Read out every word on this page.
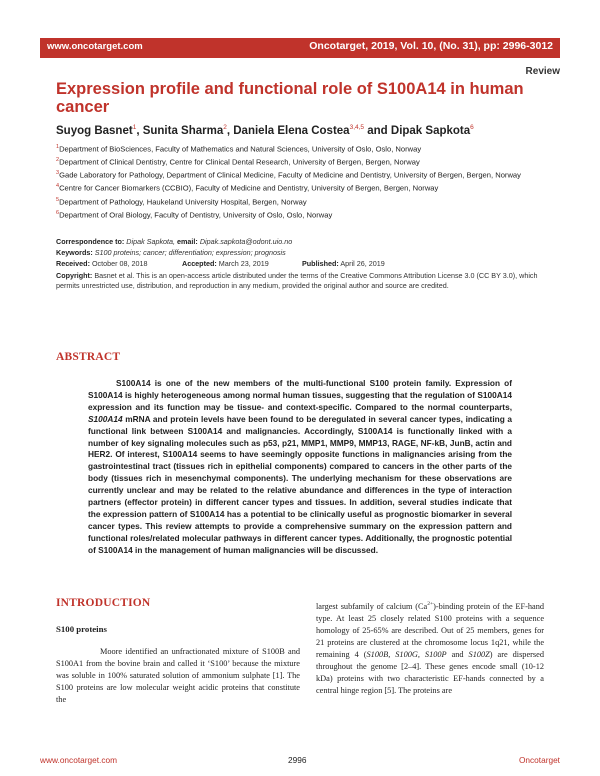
www.oncotarget.com	Oncotarget, 2019, Vol. 10, (No. 31), pp: 2996-3012
Review
Expression profile and functional role of S100A14 in human cancer
Suyog Basnet$^1$, Sunita Sharma$^2$, Daniela Elena Costea$^{3,4,5}$ and Dipak Sapkota$^6$
$^1$Department of BioSciences, Faculty of Mathematics and Natural Sciences, University of Oslo, Oslo, Norway
$^2$Department of Clinical Dentistry, Centre for Clinical Dental Research, University of Bergen, Bergen, Norway
$^3$Gade Laboratory for Pathology, Department of Clinical Medicine, Faculty of Medicine and Dentistry, University of Bergen, Bergen, Norway
$^4$Centre for Cancer Biomarkers (CCBIO), Faculty of Medicine and Dentistry, University of Bergen, Bergen, Norway
$^5$Department of Pathology, Haukeland University Hospital, Bergen, Norway
$^6$Department of Oral Biology, Faculty of Dentistry, University of Oslo, Oslo, Norway
Correspondence to: Dipak Sapkota, email: Dipak.sapkota@odont.uio.no
Keywords: S100 proteins; cancer; differentiation; expression; prognosis
Received: October 08, 2018	Accepted: March 23, 2019	Published: April 26, 2019
Copyright: Basnet et al. This is an open-access article distributed under the terms of the Creative Commons Attribution License 3.0 (CC BY 3.0), which permits unrestricted use, distribution, and reproduction in any medium, provided the original author and source are credited.
ABSTRACT
S100A14 is one of the new members of the multi-functional S100 protein family. Expression of S100A14 is highly heterogeneous among normal human tissues, suggesting that the regulation of S100A14 expression and its function may be tissue- and context-specific. Compared to the normal counterparts, S100A14 mRNA and protein levels have been found to be deregulated in several cancer types, indicating a functional link between S100A14 and malignancies. Accordingly, S100A14 is functionally linked with a number of key signaling molecules such as p53, p21, MMP1, MMP9, MMP13, RAGE, NF-kB, JunB, actin and HER2. Of interest, S100A14 seems to have seemingly opposite functions in malignancies arising from the gastrointestinal tract (tissues rich in epithelial components) compared to cancers in the other parts of the body (tissues rich in mesenchymal components). The underlying mechanism for these observations are currently unclear and may be related to the relative abundance and differences in the type of interaction partners (effector protein) in different cancer types and tissues. In addition, several studies indicate that the expression pattern of S100A14 has a potential to be clinically useful as prognostic biomarker in several cancer types. This review attempts to provide a comprehensive summary on the expression pattern and functional roles/related molecular pathways in different cancer types. Additionally, the prognostic potential of S100A14 in the management of human malignancies will be discussed.
INTRODUCTION
S100 proteins
Moore identified an unfractionated mixture of S100B and S100A1 from the bovine brain and called it ‘S100’ because the mixture was soluble in 100% saturated solution of ammonium sulphate [1]. The S100 proteins are low molecular weight acidic proteins that constitute the
largest subfamily of calcium $(Ca^{2+})$-binding protein of the EF-hand type. At least 25 closely related S100 proteins with a sequence homology of 25-65% are described. Out of 25 members, genes for 21 proteins are clustered at the chromosome locus 1q21, while the remaining 4 (S100B, S100G, S100P and S100Z) are dispersed throughout the genome [2–4]. These genes encode small (10-12 kDa) proteins with two characteristic EF-hands connected by a central hinge region [5]. The proteins are
www.oncotarget.com	2996	Oncotarget
